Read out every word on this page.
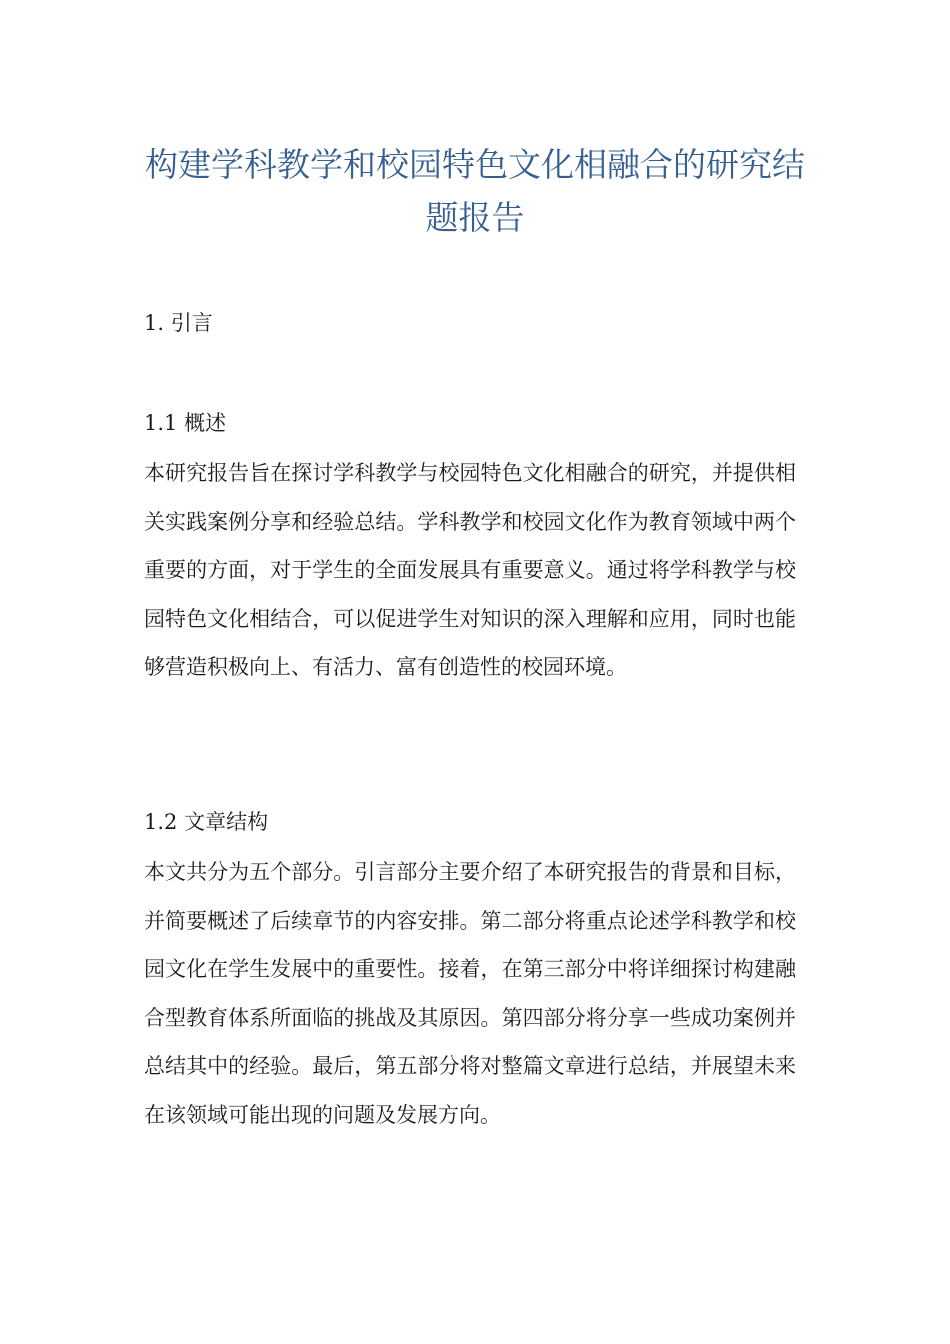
构建学科教学和校园特色文化相融合的研究结题报告
1. 引言
1.1 概述

本研究报告旨在探讨学科教学与校园特色文化相融合的研究，并提供相关实践案例分享和经验总结。学科教学和校园文化作为教育领域中两个重要的方面，对于学生的全面发展具有重要意义。通过将学科教学与校园特色文化相结合，可以促进学生对知识的深入理解和应用，同时也能够营造积极向上、有活力、富有创造性的校园环境。

1.2 文章结构

本文共分为五个部分。引言部分主要介绍了本研究报告的背景和目标，并简要概述了后续章节的内容安排。第二部分将重点论述学科教学和校园文化在学生发展中的重要性。接着，在第三部分中将详细探讨构建融合型教育体系所面临的挑战及其原因。第四部分将分享一些成功案例并总结其中的经验。最后，第五部分将对整篇文章进行总结，并展望未来在该领域可能出现的问题及发展方向。
